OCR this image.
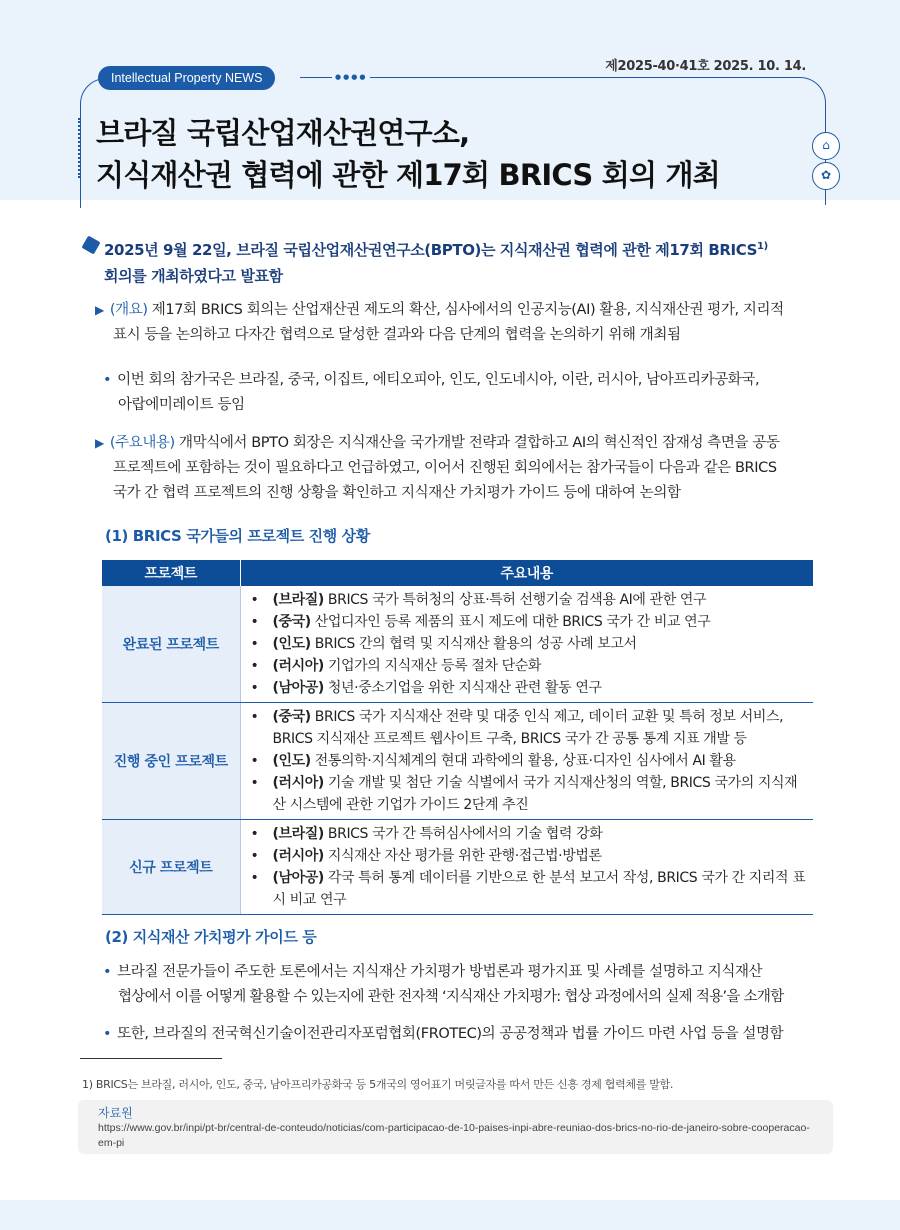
제2025-40·41호 2025. 10. 14.
●●●●
Intellectual Property NEWS
⌂
✿
브라질 국립산업재산권연구소,
지식재산권 협력에 관한 제17회 BRICS 회의 개최
2025년 9월 22일, 브라질 국립산업재산권연구소(BPTO)는 지식재산권 협력에 관한 제17회 BRICS$^{1)}$
회의를 개최하였다고 발표함
▶ (개요) 제17회 BRICS 회의는 산업재산권 제도의 확산, 심사에서의 인공지능(AI) 활용, 지식재산권 평가, 지리적
표시 등을 논의하고 다자간 협력으로 달성한 결과와 다음 단계의 협력을 논의하기 위해 개최됨
• 이번 회의 참가국은 브라질, 중국, 이집트, 에티오피아, 인도, 인도네시아, 이란, 러시아, 남아프리카공화국,
아랍에미레이트 등임
▶ (주요내용) 개막식에서 BPTO 회장은 지식재산을 국가개발 전략과 결합하고 AI의 혁신적인 잠재성 측면을 공동
프로젝트에 포함하는 것이 필요하다고 언급하였고, 이어서 진행된 회의에서는 참가국들이 다음과 같은 BRICS
국가 간 협력 프로젝트의 진행 상황을 확인하고 지식재산 가치평가 가이드 등에 대하여 논의함
(1) BRICS 국가들의 프로젝트 진행 상황
프로젝트	주요내용
완료된 프로젝트	• (브라질) BRICS 국가 특허청의 상표·특허 선행기술 검색용 AI에 관한 연구
• (중국) 산업디자인 등록 제품의 표시 제도에 대한 BRICS 국가 간 비교 연구
• (인도) BRICS 간의 협력 및 지식재산 활용의 성공 사례 보고서
• (러시아) 기업가의 지식재산 등록 절차 단순화
• (남아공) 청년·중소기업을 위한 지식재산 관련 활동 연구

진행 중인 프로젝트	• (중국) BRICS 국가 지식재산 전략 및 대중 인식 제고, 데이터 교환 및 특허 정보 서비스, BRICS 지식재산 프로젝트 웹사이트 구축, BRICS 국가 간 공통 통계 지표 개발 등
• (인도) 전통의학·지식체계의 현대 과학에의 활용, 상표·디자인 심사에서 AI 활용
• (러시아) 기술 개발 및 첨단 기술 식별에서 국가 지식재산청의 역할, BRICS 국가의 지식재산 시스템에 관한 기업가 가이드 2단계 추진

신규 프로젝트	• (브라질) BRICS 국가 간 특허심사에서의 기술 협력 강화
• (러시아) 지식재산 자산 평가를 위한 관행·접근법·방법론
• (남아공) 각국 특허 통계 데이터를 기반으로 한 분석 보고서 작성, BRICS 국가 간 지리적 표시 비교 연구
(2) 지식재산 가치평가 가이드 등
• 브라질 전문가들이 주도한 토론에서는 지식재산 가치평가 방법론과 평가지표 및 사례를 설명하고 지식재산
협상에서 이를 어떻게 활용할 수 있는지에 관한 전자책 ‘지식재산 가치평가: 협상 과정에서의 실제 적용’을 소개함
• 또한, 브라질의 전국혁신기술이전관리자포럼협회(FROTEC)의 공공정책과 법률 가이드 마련 사업 등을 설명함
1) BRICS는 브라질, 러시아, 인도, 중국, 남아프리카공화국 등 5개국의 영어표기 머릿글자를 따서 만든 신흥 경제 협력체를 말함.
자료원
https://www.gov.br/inpi/pt-br/central-de-conteudo/noticias/com-participacao-de-10-paises-inpi-abre-reuniao-dos-brics-no-rio-de-janeiro-sobre-cooperacao-em-pi
